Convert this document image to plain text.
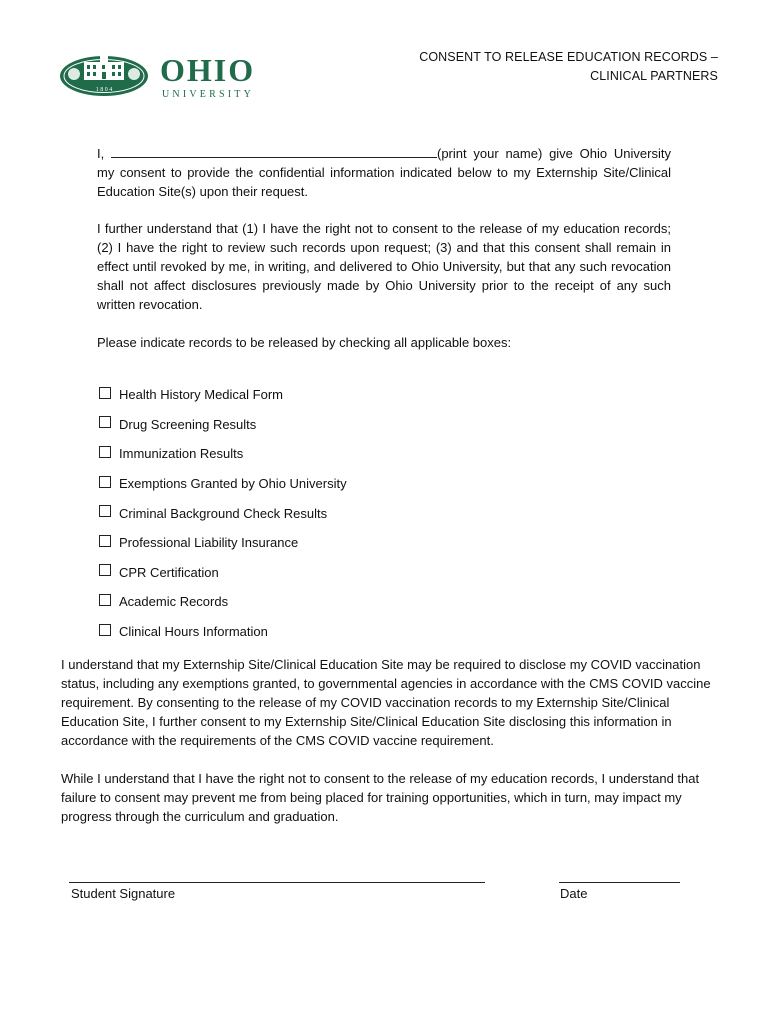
1 8 0 4
OHIO
UNIVERSITY
CONSENT TO RELEASE EDUCATION RECORDS –
CLINICAL PARTNERS
I,	(print your name) give Ohio University my consent to provide the confidential information indicated below to my Externship Site/Clinical Education Site(s) upon their request.
I further understand that (1) I have the right not to consent to the release of my education records; (2) I have the right to review such records upon request; (3) and that this consent shall remain in effect until revoked by me, in writing, and delivered to Ohio University, but that any such revocation shall not affect disclosures previously made by Ohio University prior to the receipt of any such written revocation.
Please indicate records to be released by checking all applicable boxes:
Health History Medical Form
Drug Screening Results
Immunization Results
Exemptions Granted by Ohio University
Criminal Background Check Results
Professional Liability Insurance
CPR Certification
Academic Records
Clinical Hours Information
I understand that my Externship Site/Clinical Education Site may be required to disclose my COVID vaccination status, including any exemptions granted, to governmental agencies in accordance with the CMS COVID vaccine requirement. By consenting to the release of my COVID vaccination records to my Externship Site/Clinical Education Site, I further consent to my Externship Site/Clinical Education Site disclosing this information in accordance with the requirements of the CMS COVID vaccine requirement.
While I understand that I have the right not to consent to the release of my education records, I understand that failure to consent may prevent me from being placed for training opportunities, which in turn, may impact my progress through the curriculum and graduation.
Student Signature	Date
